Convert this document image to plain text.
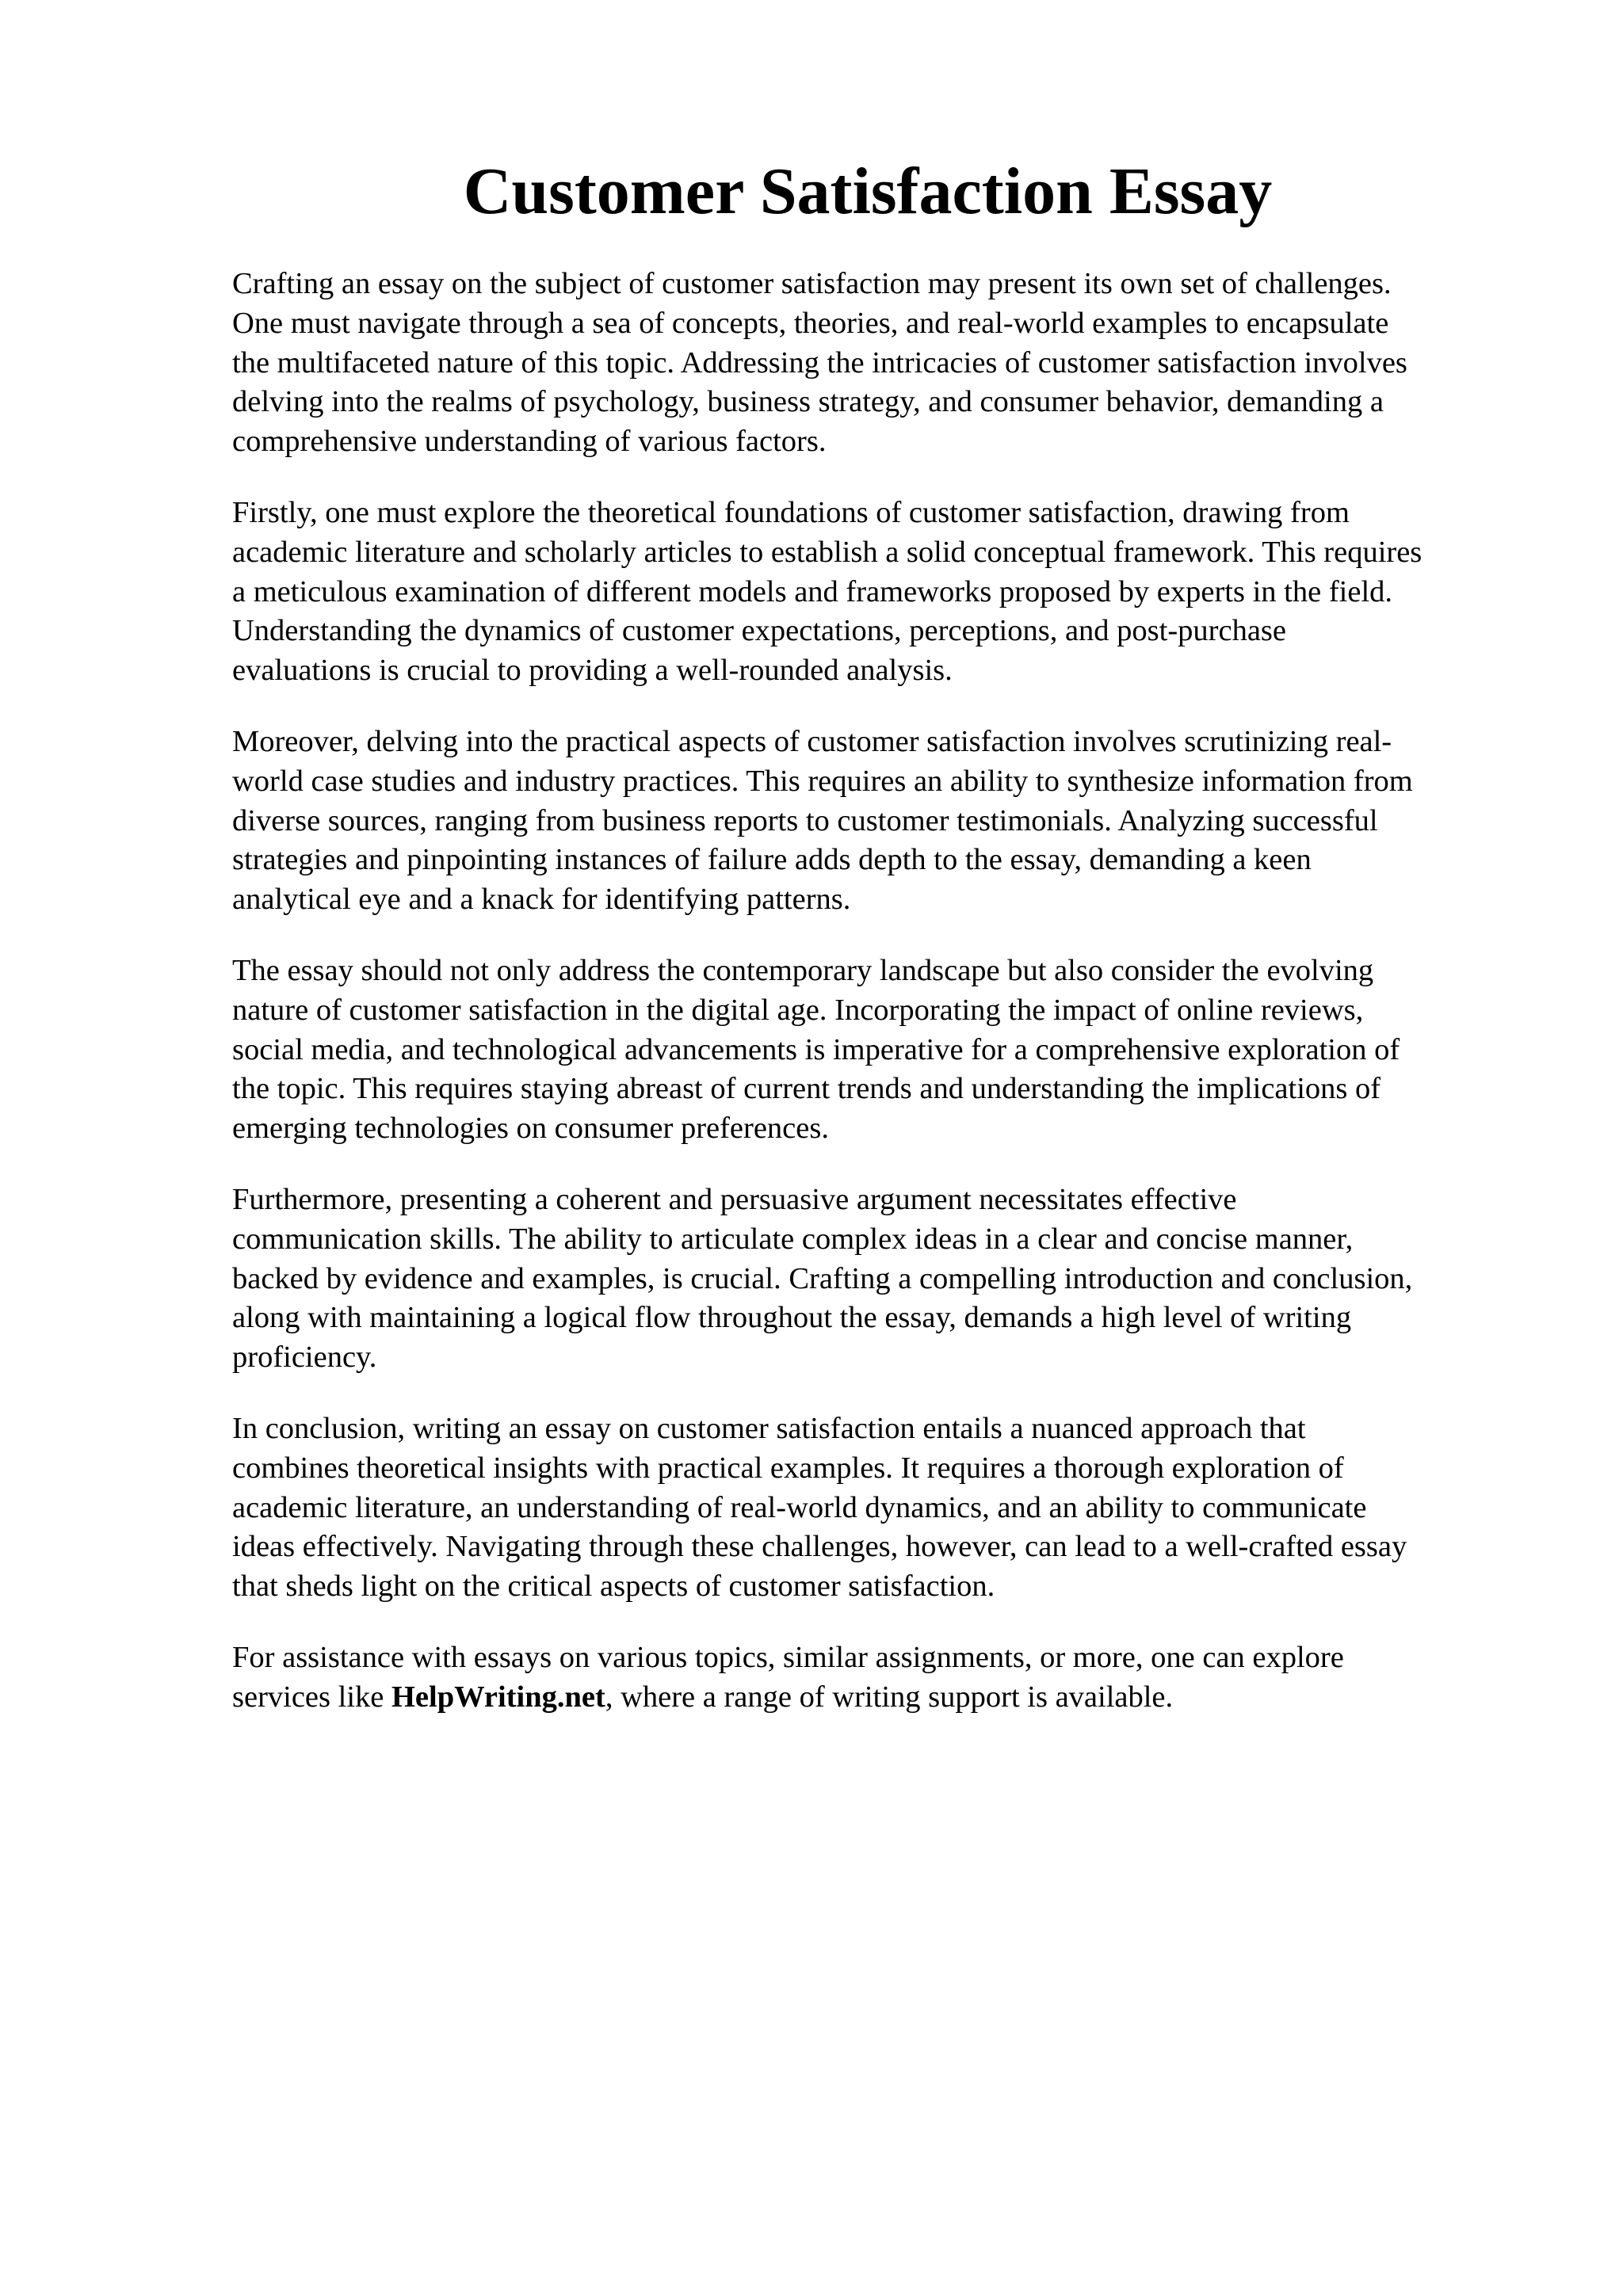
Customer Satisfaction Essay

Crafting an essay on the subject of customer satisfaction may present its own set of challenges.
One must navigate through a sea of concepts, theories, and real-world examples to encapsulate
the multifaceted nature of this topic. Addressing the intricacies of customer satisfaction involves
delving into the realms of psychology, business strategy, and consumer behavior, demanding a
comprehensive understanding of various factors.

Firstly, one must explore the theoretical foundations of customer satisfaction, drawing from
academic literature and scholarly articles to establish a solid conceptual framework. This requires
a meticulous examination of different models and frameworks proposed by experts in the field.
Understanding the dynamics of customer expectations, perceptions, and post-purchase
evaluations is crucial to providing a well-rounded analysis.

Moreover, delving into the practical aspects of customer satisfaction involves scrutinizing real-
world case studies and industry practices. This requires an ability to synthesize information from
diverse sources, ranging from business reports to customer testimonials. Analyzing successful
strategies and pinpointing instances of failure adds depth to the essay, demanding a keen
analytical eye and a knack for identifying patterns.

The essay should not only address the contemporary landscape but also consider the evolving
nature of customer satisfaction in the digital age. Incorporating the impact of online reviews,
social media, and technological advancements is imperative for a comprehensive exploration of
the topic. This requires staying abreast of current trends and understanding the implications of
emerging technologies on consumer preferences.

Furthermore, presenting a coherent and persuasive argument necessitates effective
communication skills. The ability to articulate complex ideas in a clear and concise manner,
backed by evidence and examples, is crucial. Crafting a compelling introduction and conclusion,
along with maintaining a logical flow throughout the essay, demands a high level of writing
proficiency.

In conclusion, writing an essay on customer satisfaction entails a nuanced approach that
combines theoretical insights with practical examples. It requires a thorough exploration of
academic literature, an understanding of real-world dynamics, and an ability to communicate
ideas effectively. Navigating through these challenges, however, can lead to a well-crafted essay
that sheds light on the critical aspects of customer satisfaction.

For assistance with essays on various topics, similar assignments, or more, one can explore
services like HelpWriting.net, where a range of writing support is available.
